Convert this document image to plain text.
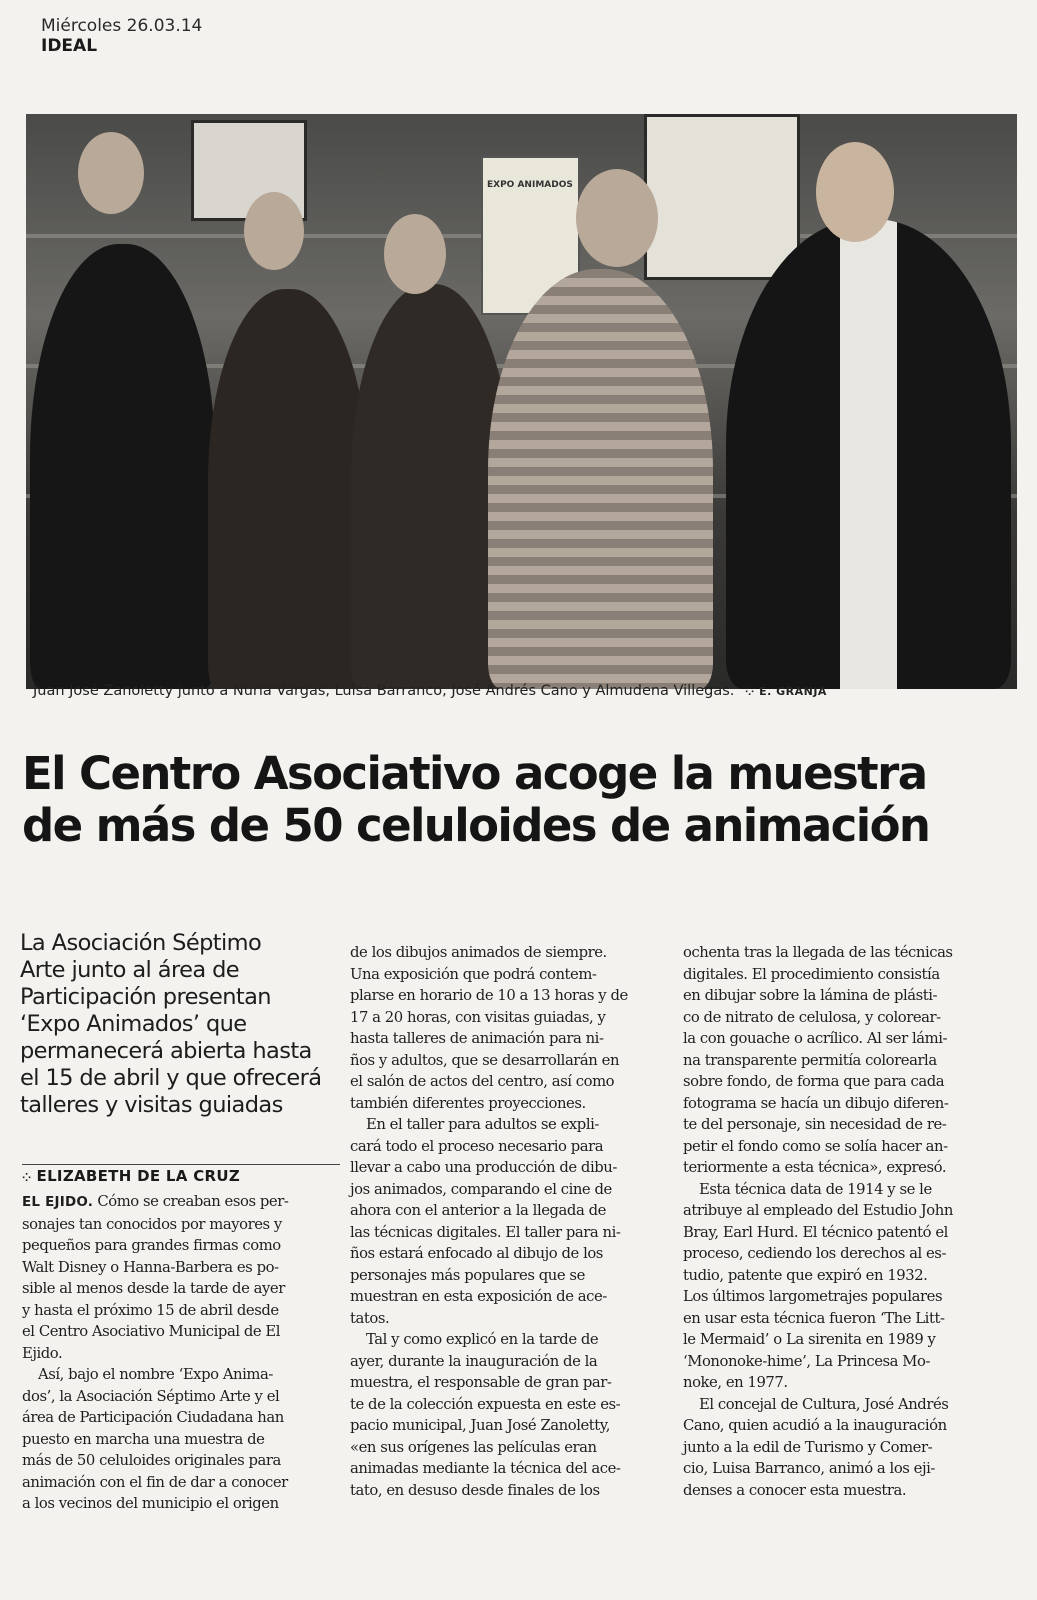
Miércoles 26.03.14
IDEAL
EXPO ANIMADOS
Juan José Zanoletty junto a Nuria Vargas, Luisa Barranco, José Andrés Cano y Almudena Villegas. ⁘ E. GRANJA
El Centro Asociativo acoge la muestra
de más de 50 celuloides de animación
La Asociación Séptimo
Arte junto al área de
Participación presentan
‘Expo Animados’ que
permanecerá abierta hasta
el 15 de abril y que ofrecerá
talleres y visitas guiadas
⁘ ELIZABETH DE LA CRUZ
EL EJIDO. Cómo se creaban esos per-
sonajes tan conocidos por mayores y
pequeños para grandes firmas como
Walt Disney o Hanna-Barbera es po-
sible al menos desde la tarde de ayer
y hasta el próximo 15 de abril desde
el Centro Asociativo Municipal de El
Ejido.
Así, bajo el nombre ‘Expo Anima-
dos’, la Asociación Séptimo Arte y el
área de Participación Ciudadana han
puesto en marcha una muestra de
más de 50 celuloides originales para
animación con el fin de dar a conocer
a los vecinos del municipio el origen
de los dibujos animados de siempre.
Una exposición que podrá contem-
plarse en horario de 10 a 13 horas y de
17 a 20 horas, con visitas guiadas, y
hasta talleres de animación para ni-
ños y adultos, que se desarrollarán en
el salón de actos del centro, así como
también diferentes proyecciones.
En el taller para adultos se expli-
cará todo el proceso necesario para
llevar a cabo una producción de dibu-
jos animados, comparando el cine de
ahora con el anterior a la llegada de
las técnicas digitales. El taller para ni-
ños estará enfocado al dibujo de los
personajes más populares que se
muestran en esta exposición de ace-
tatos.
Tal y como explicó en la tarde de
ayer, durante la inauguración de la
muestra, el responsable de gran par-
te de la colección expuesta en este es-
pacio municipal, Juan José Zanoletty,
«en sus orígenes las películas eran
animadas mediante la técnica del ace-
tato, en desuso desde finales de los
ochenta tras la llegada de las técnicas
digitales. El procedimiento consistía
en dibujar sobre la lámina de plásti-
co de nitrato de celulosa, y colorear-
la con gouache o acrílico. Al ser lámi-
na transparente permitía colorearla
sobre fondo, de forma que para cada
fotograma se hacía un dibujo diferen-
te del personaje, sin necesidad de re-
petir el fondo como se solía hacer an-
teriormente a esta técnica», expresó.
Esta técnica data de 1914 y se le
atribuye al empleado del Estudio John
Bray, Earl Hurd. El técnico patentó el
proceso, cediendo los derechos al es-
tudio, patente que expiró en 1932.
Los últimos largometrajes populares
en usar esta técnica fueron ‘The Litt-
le Mermaid’ o La sirenita en 1989 y
‘Mononoke-hime’, La Princesa Mo-
noke, en 1977.
El concejal de Cultura, José Andrés
Cano, quien acudió a la inauguración
junto a la edil de Turismo y Comer-
cio, Luisa Barranco, animó a los eji-
denses a conocer esta muestra.
